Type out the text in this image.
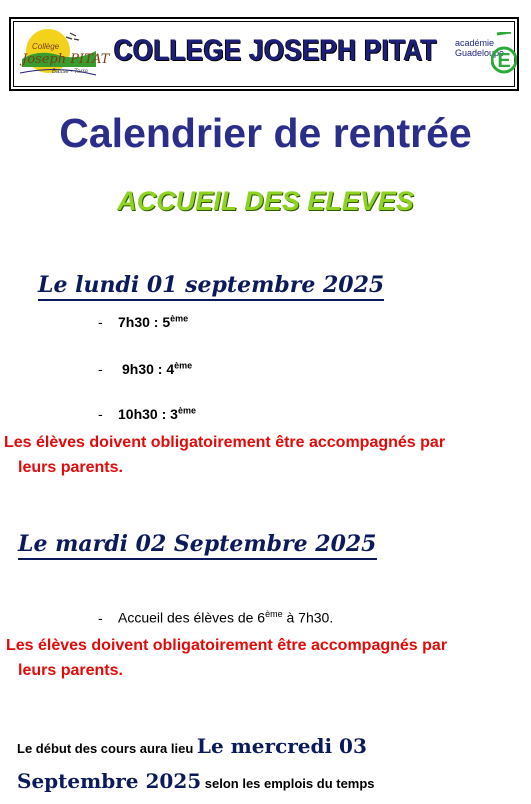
Collège
Joseph PITAT
Basse - Terre
COLLEGE JOSEPH PITAT académie
Guadeloupe
E
Calendrier de rentrée
ACCUEIL DES ELEVES
Le lundi 01 septembre 2025
- 7h30 : 5ème
- 9h30 : 4ème
- 10h30 : 3ème
Les élèves doivent obligatoirement être accompagnés par
leurs parents.
Le mardi 02 Septembre 2025
- Accueil des élèves de 6ème à 7h30.
Les élèves doivent obligatoirement être accompagnés par
leurs parents.
Le début des cours aura lieu Le mercredi 03
Septembre 2025 selon les emplois du temps
